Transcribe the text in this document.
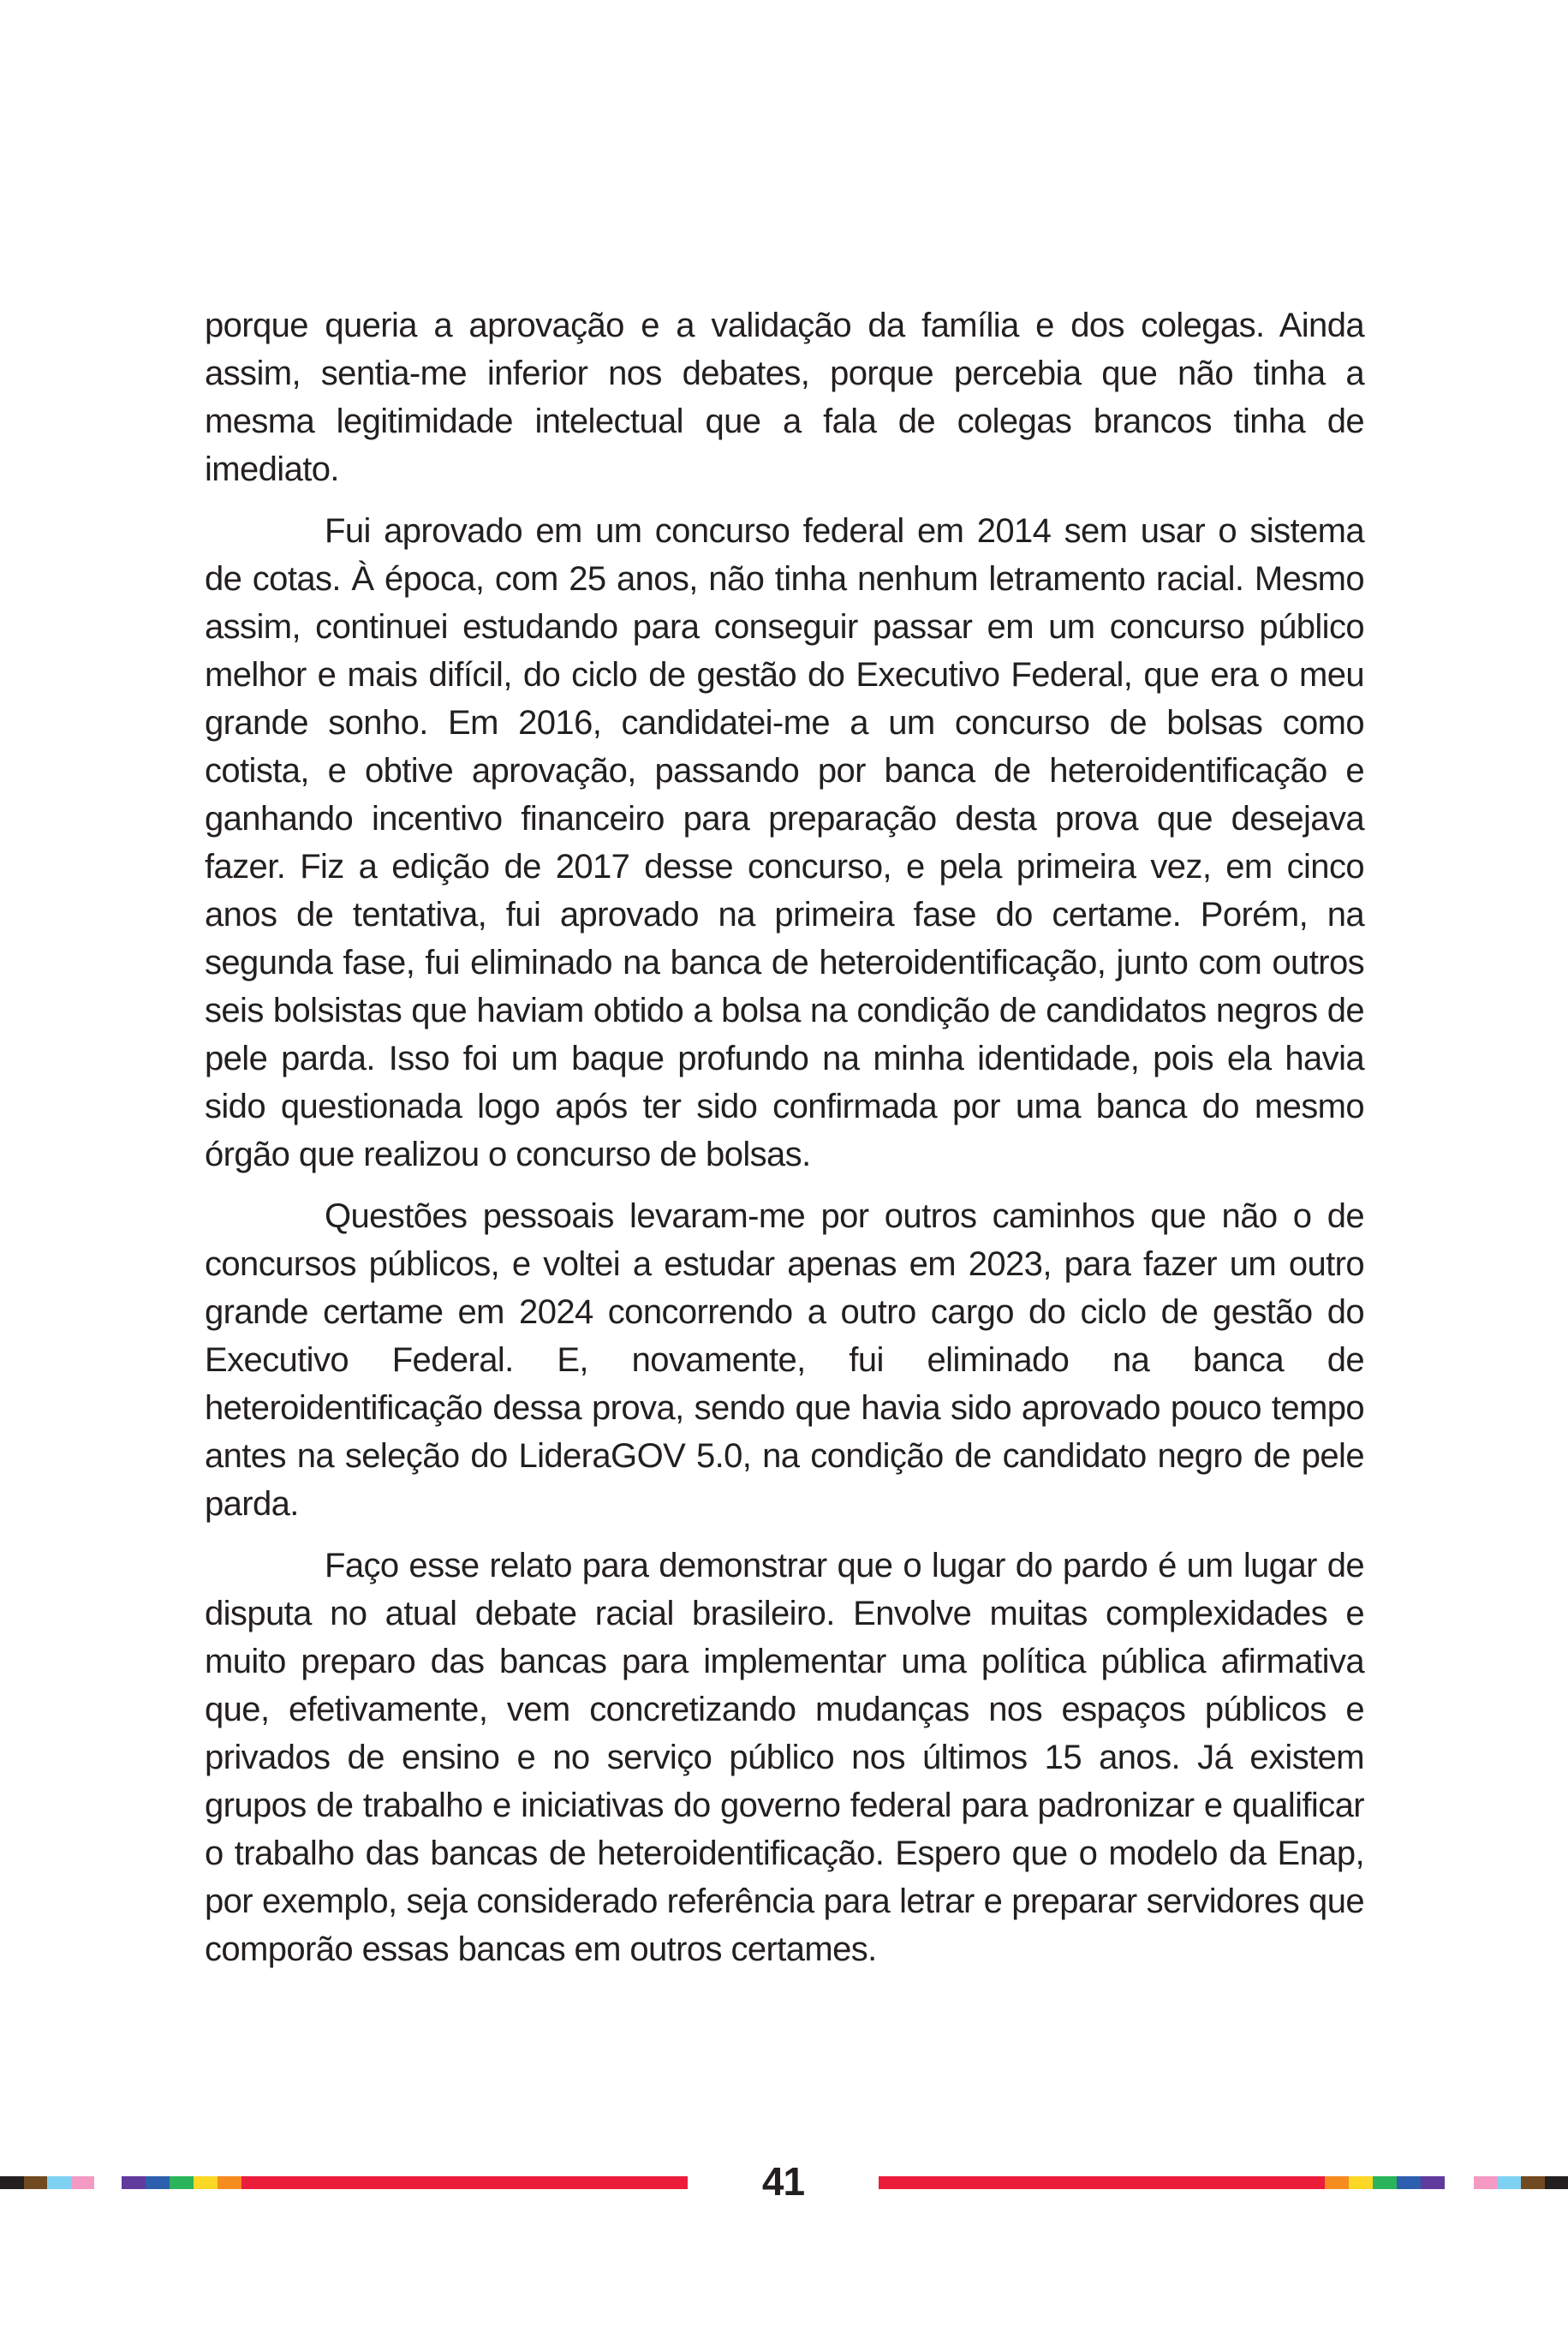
porque queria a aprovação e a validação da família e dos colegas. Ainda assim, sentia-me inferior nos debates, porque percebia que não tinha a mesma legitimidade intelectual que a fala de colegas brancos tinha de imediato.

Fui aprovado em um concurso federal em 2014 sem usar o sistema de cotas. À época, com 25 anos, não tinha nenhum letramento racial. Mesmo assim, continuei estudando para conseguir passar em um concurso público melhor e mais difícil, do ciclo de gestão do Executivo Federal, que era o meu grande sonho. Em 2016, candidatei-me a um concurso de bolsas como cotista, e obtive aprovação, passando por banca de heteroidentificação e ganhando incentivo financeiro para preparação desta prova que desejava fazer. Fiz a edição de 2017 desse concurso, e pela primeira vez, em cinco anos de tentativa, fui aprovado na primeira fase do certame. Porém, na segunda fase, fui eliminado na banca de heteroidentificação, junto com outros seis bolsistas que haviam obtido a bolsa na condição de candidatos negros de pele parda. Isso foi um baque profundo na minha identidade, pois ela havia sido questionada logo após ter sido confirmada por uma banca do mesmo órgão que realizou o concurso de bolsas.

Questões pessoais levaram-me por outros caminhos que não o de concursos públicos, e voltei a estudar apenas em 2023, para fazer um outro grande certame em 2024 concorrendo a outro cargo do ciclo de gestão do Executivo Federal. E, novamente, fui eliminado na banca de heteroidentificação dessa prova, sendo que havia sido aprovado pouco tempo antes na seleção do LideraGOV 5.0, na condição de candidato negro de pele parda.

Faço esse relato para demonstrar que o lugar do pardo é um lugar de disputa no atual debate racial brasileiro. Envolve muitas complexidades e muito preparo das bancas para implementar uma política pública afirmativa que, efetivamente, vem concretizando mudanças nos espaços públicos e privados de ensino e no serviço público nos últimos 15 anos. Já existem grupos de trabalho e iniciativas do governo federal para padronizar e qualificar o trabalho das bancas de heteroidentificação. Espero que o modelo da Enap, por exemplo, seja considerado referência para letrar e preparar servidores que comporão essas bancas em outros certames.

41
